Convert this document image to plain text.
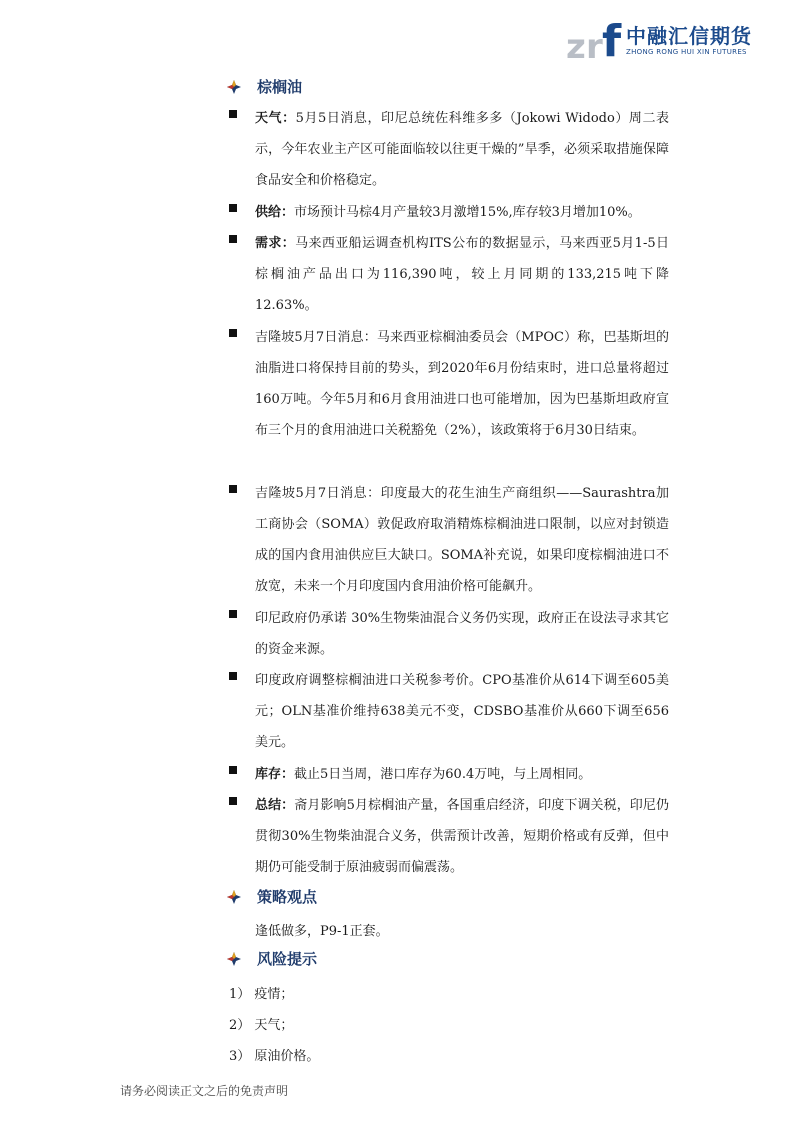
z r f 中融汇信期货
ZHONG RONG HUI XIN FUTURES
棕榈油
天气：5月5日消息，印尼总统佐科维多多（Jokowi Widodo）周二表示，今年农业主产区可能面临较以往更干燥的”旱季，必须采取措施保障食品安全和价格稳定。
供给：市场预计马棕4月产量较3月激增15%,库存较3月增加10%。
需求：马来西亚船运调查机构ITS公布的数据显示，马来西亚5月1-5日棕榈油产品出口为116,390吨，较上月同期的133,215吨下降12.63%。
吉隆坡5月7日消息：马来西亚棕榈油委员会（MPOC）称，巴基斯坦的油脂进口将保持目前的势头，到2020年6月份结束时，进口总量将超过160万吨。今年5月和6月食用油进口也可能增加，因为巴基斯坦政府宣布三个月的食用油进口关税豁免（2%），该政策将于6月30日结束。
吉隆坡5月7日消息：印度最大的花生油生产商组织——Saurashtra加工商协会（SOMA）敦促政府取消精炼棕榈油进口限制，以应对封锁造成的国内食用油供应巨大缺口。SOMA补充说，如果印度棕榈油进口不放宽，未来一个月印度国内食用油价格可能飙升。
印尼政府仍承诺 30%生物柴油混合义务仍实现，政府正在设法寻求其它的资金来源。
印度政府调整棕榈油进口关税参考价。CPO基准价从614下调至605美元；OLN基准价维持638美元不变，CDSBO基准价从660下调至656美元。
库存：截止5日当周，港口库存为60.4万吨，与上周相同。
总结：斋月影响5月棕榈油产量，各国重启经济，印度下调关税，印尼仍贯彻30%生物柴油混合义务，供需预计改善，短期价格或有反弹，但中期仍可能受制于原油疲弱而偏震荡。
策略观点
逢低做多，P9-1正套。
风险提示
1） 疫情；
2） 天气；
3） 原油价格。
请务必阅读正文之后的免责声明
